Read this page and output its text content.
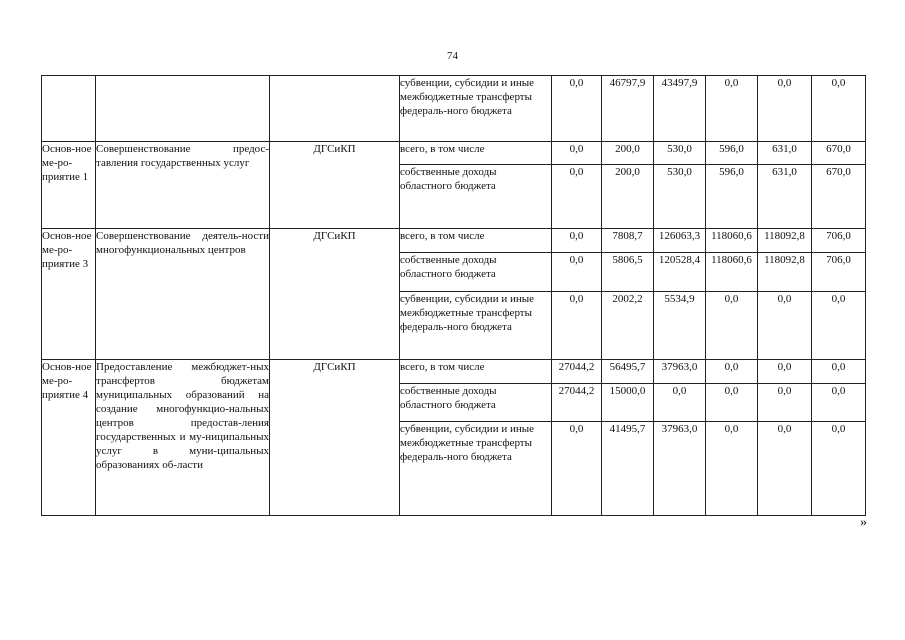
74
			субвенции, субсидии и иные межбюджетные трансферты федераль-ного бюджета	0,0	46797,9	43497,9	0,0	0,0	0,0
Основ-ное ме-ро-приятие 1	Совершенствование предос-тавления государственных услуг	ДГСиКП	всего, в том числе	0,0	200,0	530,0	596,0	631,0	670,0
			собственные доходы областного бюджета	0,0	200,0	530,0	596,0	631,0	670,0
Основ-ное ме-ро-приятие 3	Совершенствование деятель-ности многофункциональных центров	ДГСиКП	всего, в том числе	0,0	7808,7	126063,3	118060,6	118092,8	706,0
			собственные доходы областного бюджета	0,0	5806,5	120528,4	118060,6	118092,8	706,0
			субвенции, субсидии и иные межбюджетные трансферты федераль-ного бюджета	0,0	2002,2	5534,9	0,0	0,0	0,0
Основ-ное ме-ро-приятие 4	Предоставление межбюджет-ных трансфертов бюджетам муниципальных образований на создание многофункцио-нальных центров предостав-ления государственных и му-ниципальных услуг в муни-ципальных образованиях об-ласти	ДГСиКП	всего, в том числе	27044,2	56495,7	37963,0	0,0	0,0	0,0
			собственные доходы областного бюджета	27044,2	15000,0	0,0	0,0	0,0	0,0
			субвенции, субсидии и иные межбюджетные трансферты федераль-ного бюджета	0,0	41495,7	37963,0	0,0	0,0	0,0
»
